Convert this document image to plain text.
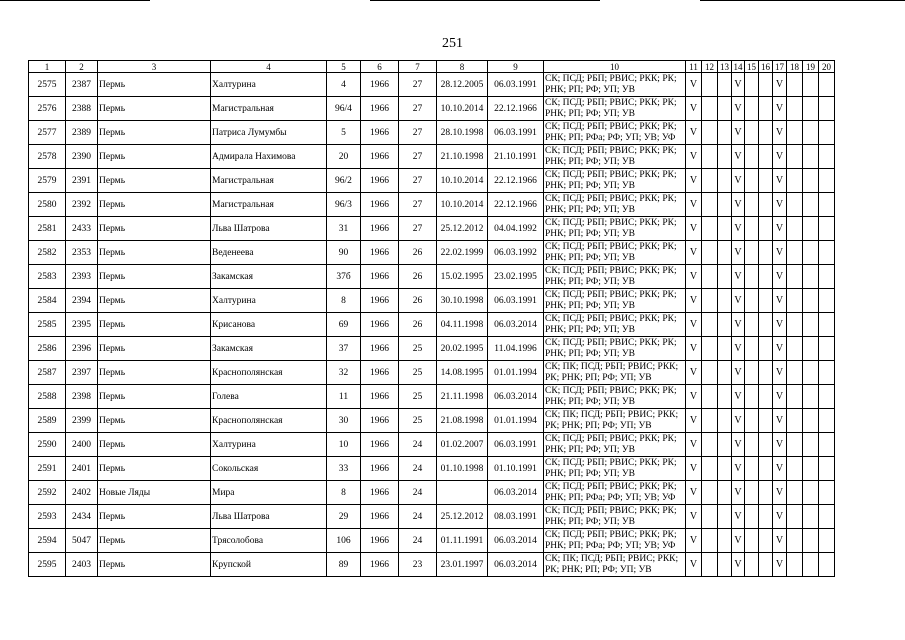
251
1	2	3	4	5	6	7	8	9	10	11	12	13	14	15	16	17	18	19	20
2575	2387	Пермь	Халтурина	4	1966	27	28.12.2005	06.03.1991	СК; ПСД; РБП; РВИС; РКК; РК; РНК; РП; РФ; УП; УВ	V			V			V			
2576	2388	Пермь	Магистральная	96/4	1966	27	10.10.2014	22.12.1966	СК; ПСД; РБП; РВИС; РКК; РК; РНК; РП; РФ; УП; УВ	V			V			V			
2577	2389	Пермь	Патриса Лумумбы	5	1966	27	28.10.1998	06.03.1991	СК; ПСД; РБП; РВИС; РКК; РК; РНК; РП; РФа; РФ; УП; УВ; УФ	V			V			V			
2578	2390	Пермь	Адмирала Нахимова	20	1966	27	21.10.1998	21.10.1991	СК; ПСД; РБП; РВИС; РКК; РК; РНК; РП; РФ; УП; УВ	V			V			V			
2579	2391	Пермь	Магистральная	96/2	1966	27	10.10.2014	22.12.1966	СК; ПСД; РБП; РВИС; РКК; РК; РНК; РП; РФ; УП; УВ	V			V			V			
2580	2392	Пермь	Магистральная	96/3	1966	27	10.10.2014	22.12.1966	СК; ПСД; РБП; РВИС; РКК; РК; РНК; РП; РФ; УП; УВ	V			V			V			
2581	2433	Пермь	Льва Шатрова	31	1966	27	25.12.2012	04.04.1992	СК; ПСД; РБП; РВИС; РКК; РК; РНК; РП; РФ; УП; УВ	V			V			V			
2582	2353	Пермь	Веденеева	90	1966	26	22.02.1999	06.03.1992	СК; ПСД; РБП; РВИС; РКК; РК; РНК; РП; РФ; УП; УВ	V			V			V			
2583	2393	Пермь	Закамская	37б	1966	26	15.02.1995	23.02.1995	СК; ПСД; РБП; РВИС; РКК; РК; РНК; РП; РФ; УП; УВ	V			V			V			
2584	2394	Пермь	Халтурина	8	1966	26	30.10.1998	06.03.1991	СК; ПСД; РБП; РВИС; РКК; РК; РНК; РП; РФ; УП; УВ	V			V			V			
2585	2395	Пермь	Крисанова	69	1966	26	04.11.1998	06.03.2014	СК; ПСД; РБП; РВИС; РКК; РК; РНК; РП; РФ; УП; УВ	V			V			V			
2586	2396	Пермь	Закамская	37	1966	25	20.02.1995	11.04.1996	СК; ПСД; РБП; РВИС; РКК; РК; РНК; РП; РФ; УП; УВ	V			V			V			
2587	2397	Пермь	Краснополянская	32	1966	25	14.08.1995	01.01.1994	СК; ПК; ПСД; РБП; РВИС; РКК; РК; РНК; РП; РФ; УП; УВ	V			V			V			
2588	2398	Пермь	Голева	11	1966	25	21.11.1998	06.03.2014	СК; ПСД; РБП; РВИС; РКК; РК; РНК; РП; РФ; УП; УВ	V			V			V			
2589	2399	Пермь	Краснополянская	30	1966	25	21.08.1998	01.01.1994	СК; ПК; ПСД; РБП; РВИС; РКК; РК; РНК; РП; РФ; УП; УВ	V			V			V			
2590	2400	Пермь	Халтурина	10	1966	24	01.02.2007	06.03.1991	СК; ПСД; РБП; РВИС; РКК; РК; РНК; РП; РФ; УП; УВ	V			V			V			
2591	2401	Пермь	Сокольская	33	1966	24	01.10.1998	01.10.1991	СК; ПСД; РБП; РВИС; РКК; РК; РНК; РП; РФ; УП; УВ	V			V			V			
2592	2402	Новые Ляды	Мира	8	1966	24		06.03.2014	СК; ПСД; РБП; РВИС; РКК; РК; РНК; РП; РФа; РФ; УП; УВ; УФ	V			V			V			
2593	2434	Пермь	Льва Шатрова	29	1966	24	25.12.2012	08.03.1991	СК; ПСД; РБП; РВИС; РКК; РК; РНК; РП; РФ; УП; УВ	V			V			V			
2594	5047	Пермь	Трясолобова	106	1966	24	01.11.1991	06.03.2014	СК; ПСД; РБП; РВИС; РКК; РК; РНК; РП; РФа; РФ; УП; УВ; УФ	V			V			V			
2595	2403	Пермь	Крупской	89	1966	23	23.01.1997	06.03.2014	СК; ПК; ПСД; РБП; РВИС; РКК; РК; РНК; РП; РФ; УП; УВ	V			V			V			
